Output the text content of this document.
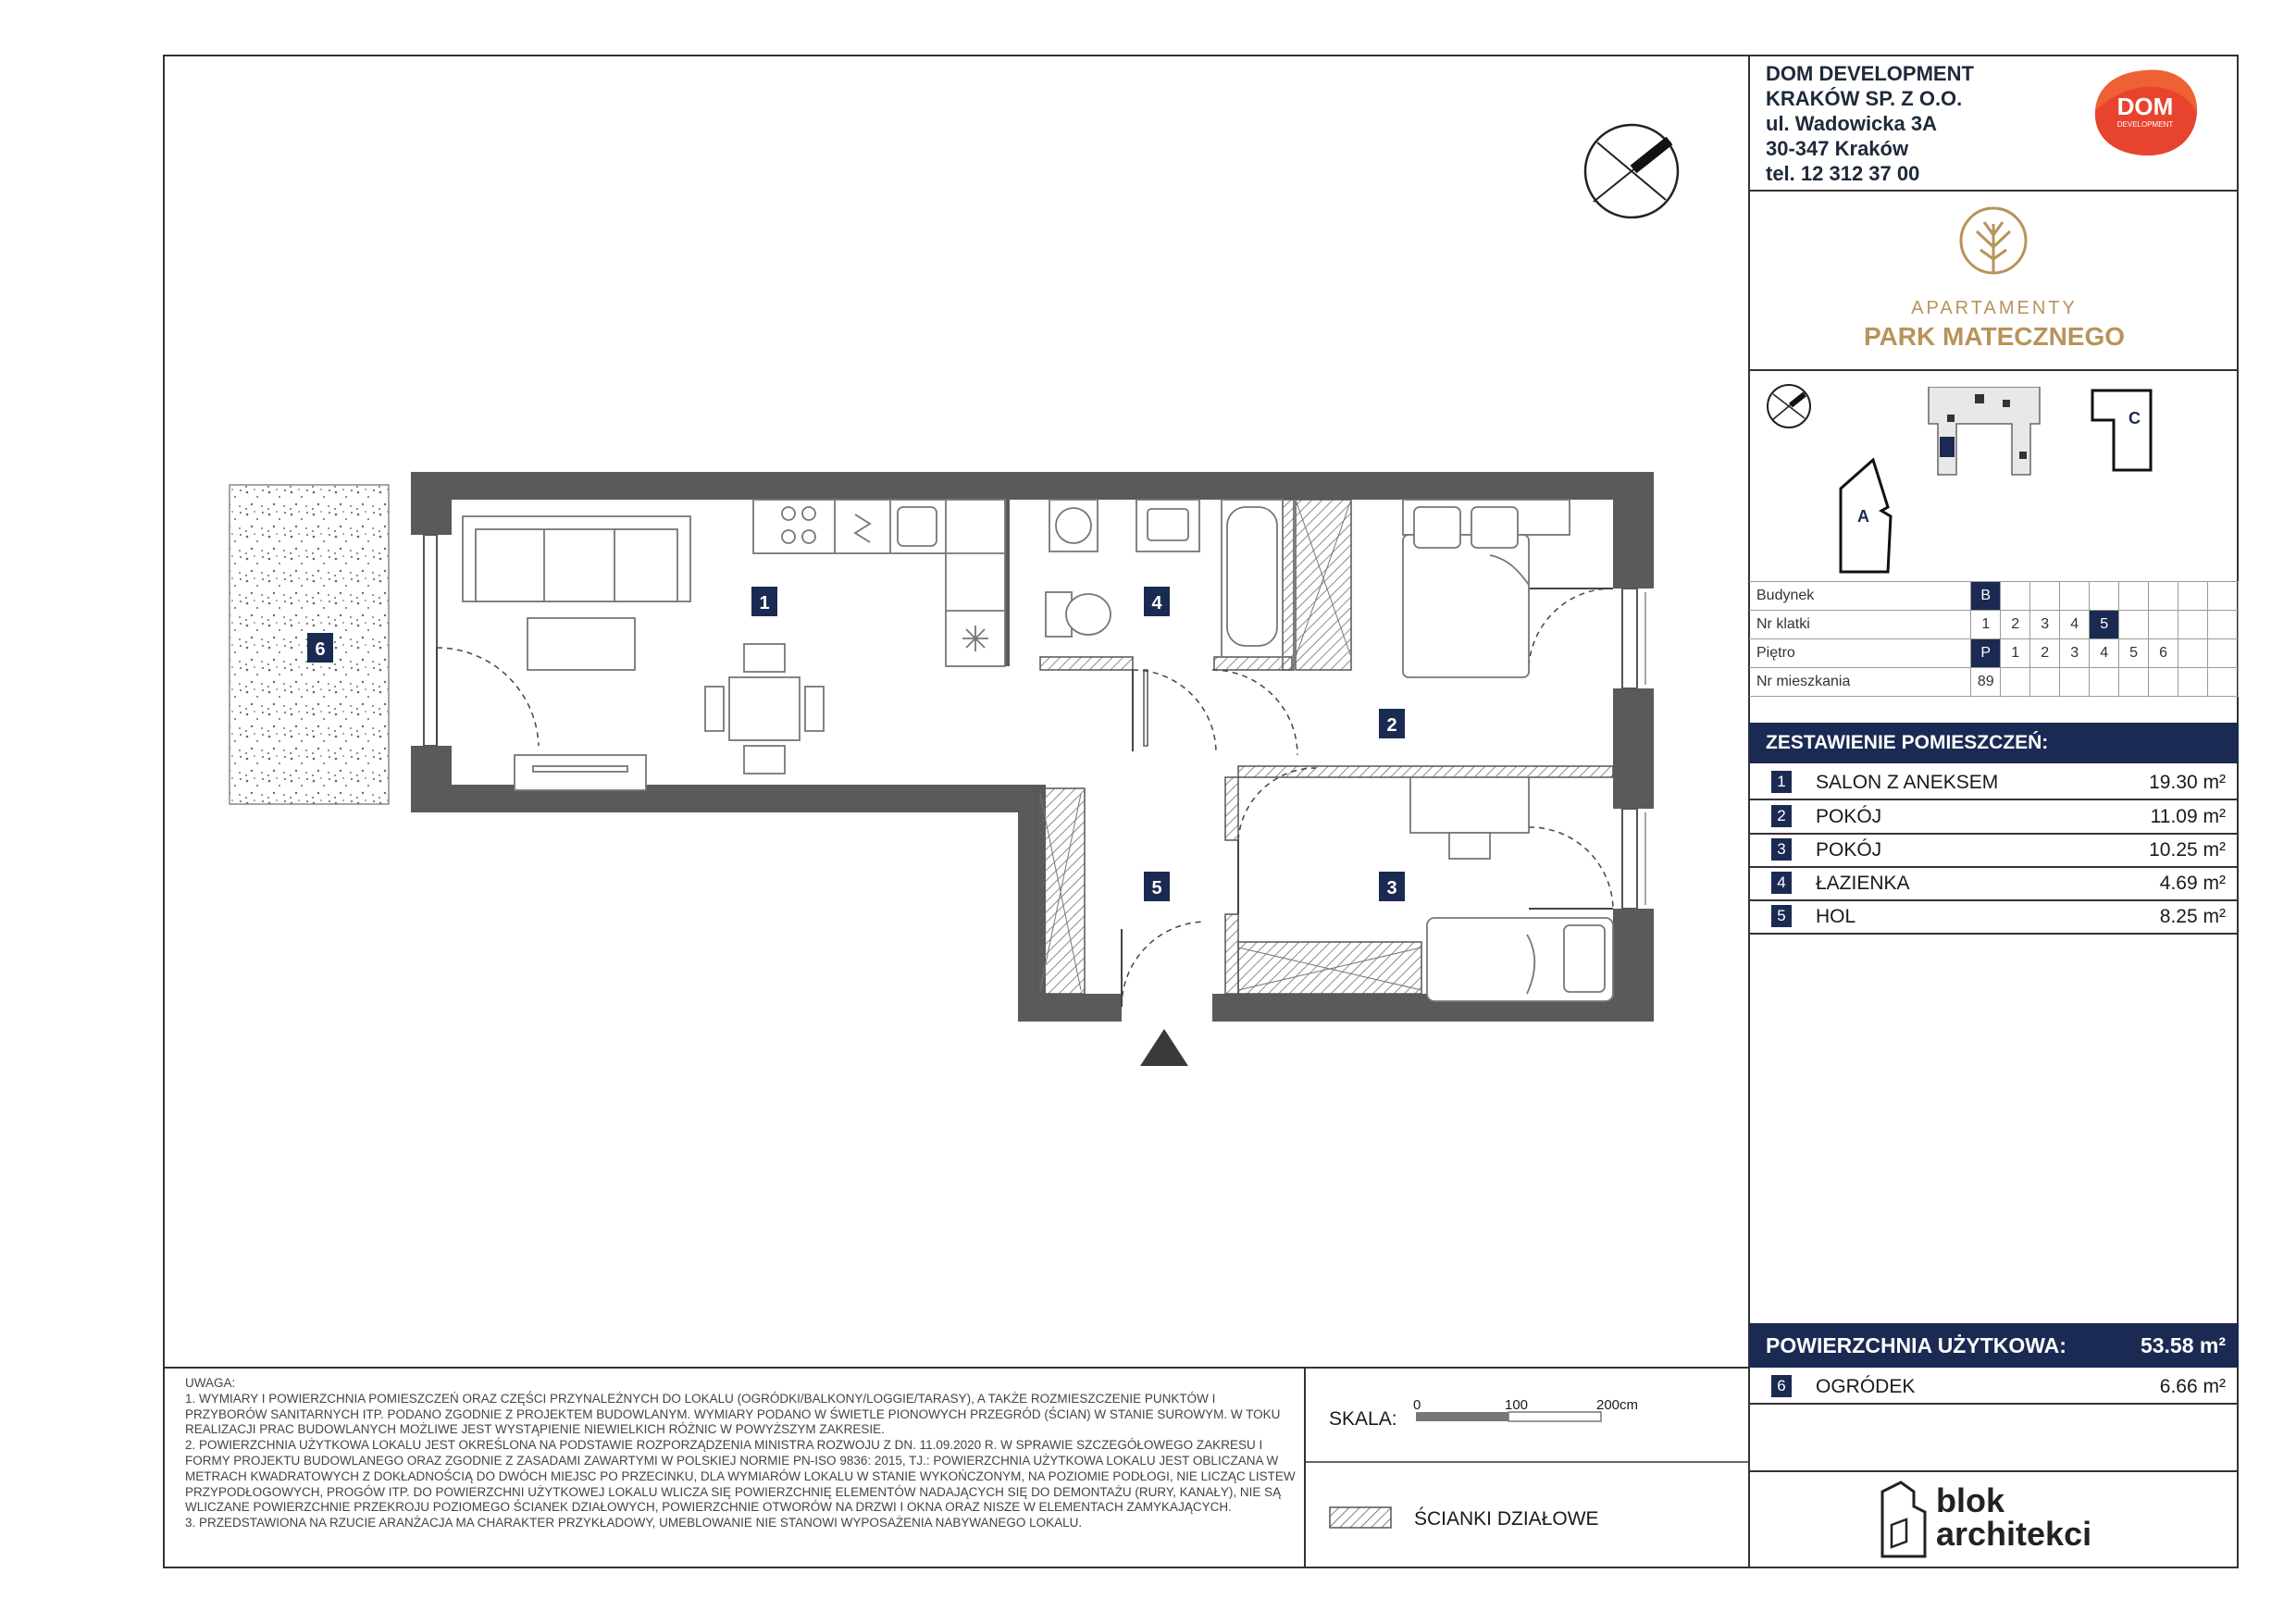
DOM DEVELOPMENT
KRAKÓW SP. Z O.O.
ul. Wadowicka 3A
30-347 Kraków
tel. 12 312 37 00
DOM
DEVELOPMENT
APARTAMENTY
PARK MATECZNEGO
C
A
Budynek	B								
Nr klatki	1	2	3	4	5				
Piętro	P	1	2	3	4	5	6		
Nr mieszkania	89								
ZESTAWIENIE POMIESZCZEŃ:
1 SALON Z ANEKSEM	19.30 m²
2 POKÓJ	11.09 m²
3 POKÓJ	10.25 m²
4 ŁAZIENKA	4.69 m²
5 HOL	8.25 m²
POWIERZCHNIA UŻYTKOWA:	53.58 m²
6 OGRÓDEK	6.66 m²
blok
architekci

UWAGA:

1. WYMIARY I POWIERZCHNIA POMIESZCZEŃ ORAZ CZĘŚCI PRZYNALEŻNYCH DO LOKALU (OGRÓDKI/BALKONY/LOGGIE/TARASY), A TAKŻE ROZMIESZCZENIE PUNKTÓW I PRZYBORÓW SANITARNYCH ITP. PODANO ZGODNIE Z PROJEKTEM BUDOWLANYM. WYMIARY PODANO W ŚWIETLE PIONOWYCH PRZEGRÓD (ŚCIAN) W STANIE SUROWYM. W TOKU REALIZACJI PRAC BUDOWLANYCH MOŻLIWE JEST WYSTĄPIENIE NIEWIELKICH RÓŻNIC W POWYŻSZYM ZAKRESIE.

2. POWIERZCHNIA UŻYTKOWA LOKALU JEST OKREŚLONA NA PODSTAWIE ROZPORZĄDZENIA MINISTRA ROZWOJU Z DN. 11.09.2020 R. W SPRAWIE SZCZEGÓŁOWEGO ZAKRESU I FORMY PROJEKTU BUDOWLANEGO ORAZ ZGODNIE Z ZASADAMI ZAWARTYMI W POLSKIEJ NORMIE PN-ISO 9836: 2015, TJ.: POWIERZCHNIA UŻYTKOWA LOKALU JEST OBLICZANA W METRACH KWADRATOWYCH Z DOKŁADNOŚCIĄ DO DWÓCH MIEJSC PO PRZECINKU, DLA WYMIARÓW LOKALU W STANIE WYKOŃCZONYM, NA POZIOMIE PODŁOGI, NIE LICZĄC LISTEW PRZYPODŁOGOWYCH, PROGÓW ITP. DO POWIERZCHNI UŻYTKOWEJ LOKALU WLICZA SIĘ POWIERZCHNIĘ ELEMENTÓW NADAJĄCYCH SIĘ DO DEMONTAŻU (RURY, KANAŁY), NIE SĄ WLICZANE POWIERZCHNIE PRZEKROJU POZIOMEGO ŚCIANEK DZIAŁOWYCH, POWIERZCHNIE OTWORÓW NA DRZWI I OKNA ORAZ NISZE W ELEMENTACH ZAMYKAJĄCYCH.

3. PRZEDSTAWIONA NA RZUCIE ARANŻACJA MA CHARAKTER PRZYKŁADOWY, UMEBLOWANIE NIE STANOWI WYPOSAŻENIA NABYWANEGO LOKALU.

SKALA:
0	100	200cm
ŚCIANKI DZIAŁOWE
1
2
3
4
5
6
